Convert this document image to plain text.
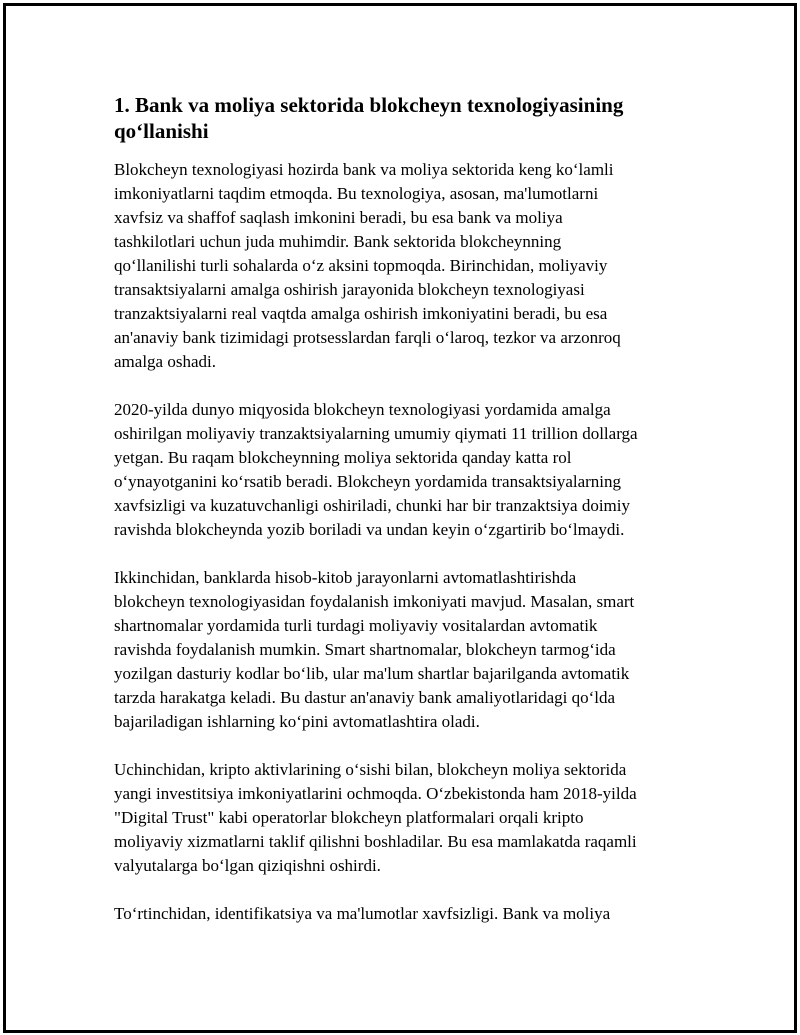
1. Bank va moliya sektorida blokcheyn texnologiyasining
qo‘llanishi

Blokcheyn texnologiyasi hozirda bank va moliya sektorida keng ko‘lamli
imkoniyatlarni taqdim etmoqda. Bu texnologiya, asosan, ma'lumotlarni
xavfsiz va shaffof saqlash imkonini beradi, bu esa bank va moliya
tashkilotlari uchun juda muhimdir. Bank sektorida blokcheynning
qo‘llanilishi turli sohalarda o‘z aksini topmoqda. Birinchidan, moliyaviy
transaktsiyalarni amalga oshirish jarayonida blokcheyn texnologiyasi
tranzaktsiyalarni real vaqtda amalga oshirish imkoniyatini beradi, bu esa
an'anaviy bank tizimidagi protsesslardan farqli o‘laroq, tezkor va arzonroq
amalga oshadi.

2020-yilda dunyo miqyosida blokcheyn texnologiyasi yordamida amalga
oshirilgan moliyaviy tranzaktsiyalarning umumiy qiymati 11 trillion dollarga
yetgan. Bu raqam blokcheynning moliya sektorida qanday katta rol
o‘ynayotganini ko‘rsatib beradi. Blokcheyn yordamida transaktsiyalarning
xavfsizligi va kuzatuvchanligi oshiriladi, chunki har bir tranzaktsiya doimiy
ravishda blokcheynda yozib boriladi va undan keyin o‘zgartirib bo‘lmaydi.

Ikkinchidan, banklarda hisob-kitob jarayonlarni avtomatlashtirishda
blokcheyn texnologiyasidan foydalanish imkoniyati mavjud. Masalan, smart
shartnomalar yordamida turli turdagi moliyaviy vositalardan avtomatik
ravishda foydalanish mumkin. Smart shartnomalar, blokcheyn tarmog‘ida
yozilgan dasturiy kodlar bo‘lib, ular ma'lum shartlar bajarilganda avtomatik
tarzda harakatga keladi. Bu dastur an'anaviy bank amaliyotlaridagi qo‘lda
bajariladigan ishlarning ko‘pini avtomatlashtira oladi.

Uchinchidan, kripto aktivlarining o‘sishi bilan, blokcheyn moliya sektorida
yangi investitsiya imkoniyatlarini ochmoqda. O‘zbekistonda ham 2018-yilda
"Digital Trust" kabi operatorlar blokcheyn platformalari orqali kripto
moliyaviy xizmatlarni taklif qilishni boshladilar. Bu esa mamlakatda raqamli
valyutalarga bo‘lgan qiziqishni oshirdi.

To‘rtinchidan, identifikatsiya va ma'lumotlar xavfsizligi. Bank va moliya
